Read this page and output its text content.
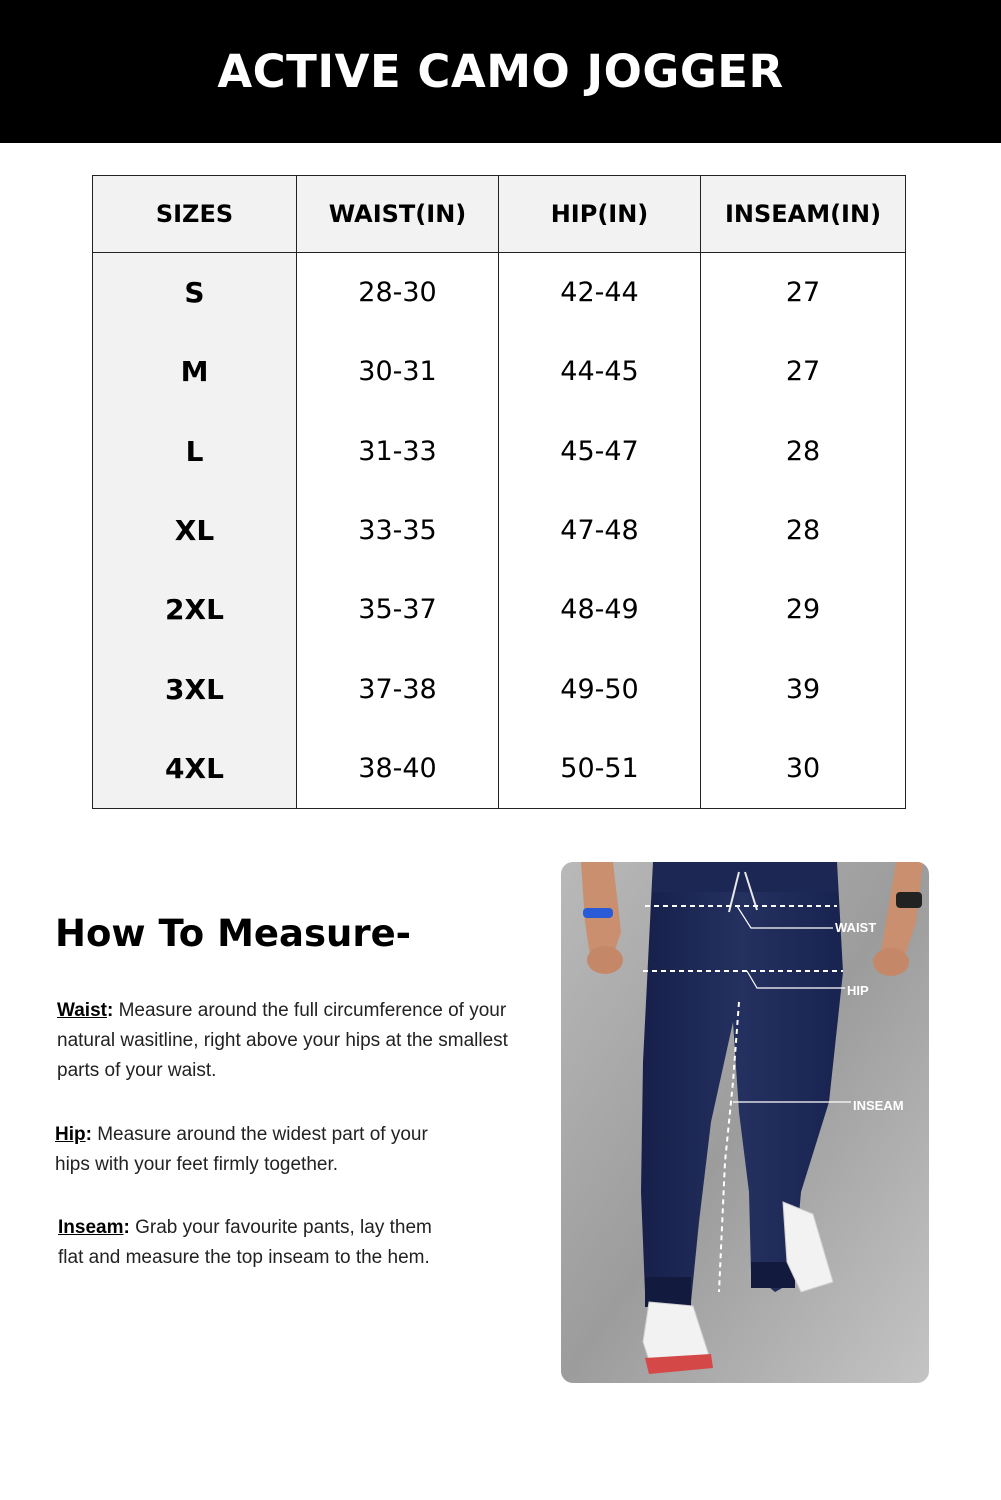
ACTIVE CAMO JOGGER
SIZES	WAIST(IN)	HIP(IN)	INSEAM(IN)
S	28-30	42-44	27
M	30-31	44-45	27
L	31-33	45-47	28
XL	33-35	47-48	28
2XL	35-37	48-49	29
3XL	37-38	49-50	39
4XL	38-40	50-51	30
How To Measure-

Waist: Measure around the full circumference of your natural wasitline, right above your hips at the smallest parts of your waist.

Hip: Measure around the widest part of your hips with your feet firmly together.

Inseam: Grab your favourite pants, lay them flat and measure the top inseam to the hem.

WAIST
HIP
INSEAM
